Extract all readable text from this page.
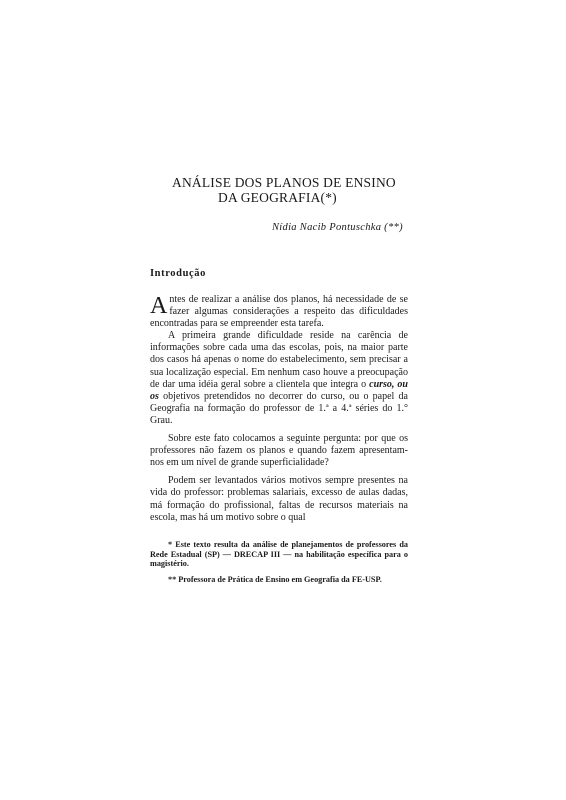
ANÁLISE DOS PLANOS DE ENSINO
DA GEOGRAFIA(*)
Nídia Nacib Pontuschka (**)
Introdução

Antes de realizar a análise dos planos, há necessidade de se fazer algumas considerações a respeito das dificuldades encontradas para se empreender esta tarefa.

A primeira grande dificuldade reside na carência de informações sobre cada uma das escolas, pois, na maior parte dos casos há apenas o nome do estabelecimento, sem precisar a sua localização especial. Em nenhum caso houve a preocupação de dar uma idéia geral sobre a clientela que integra o curso, ou os objetivos pretendidos no decorrer do curso, ou o papel da Geografia na formação do professor de 1.ª a 4.ª séries do 1.° Grau.

Sobre este fato colocamos a seguinte pergunta: por que os professores não fazem os planos e quando fazem apresentam-nos em um nível de grande superficialidade?

Podem ser levantados vários motivos sempre presentes na vida do professor: problemas salariais, excesso de aulas dadas, má formação do profissional, faltas de recursos materiais na escola, mas há um motivo sobre o qual

* Este texto resulta da análise de planejamentos de professores da Rede Estadual (SP) — DRECAP III — na habilitação específica para o magistério.

** Professora de Prática de Ensino em Geografia da FE-USP.
